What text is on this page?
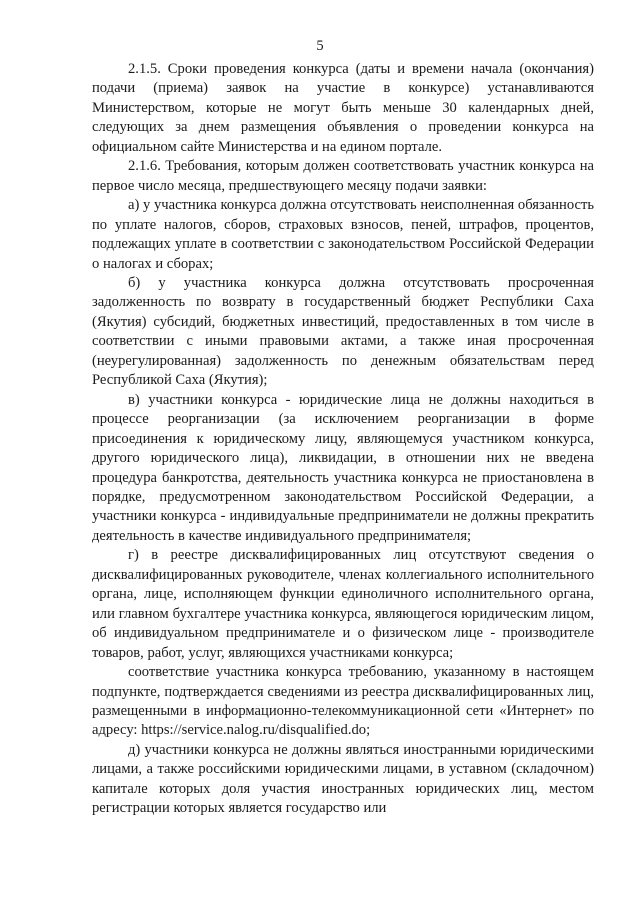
5

2.1.5. Сроки проведения конкурса (даты и времени начала (окончания) подачи (приема) заявок на участие в конкурсе) устанавливаются Министерством, которые не могут быть меньше 30 календарных дней, следующих за днем размещения объявления о проведении конкурса на официальном сайте Министерства и на едином портале.

2.1.6. Требования, которым должен соответствовать участник конкурса на первое число месяца, предшествующего месяцу подачи заявки:

а) у участника конкурса должна отсутствовать неисполненная обязанность по уплате налогов, сборов, страховых взносов, пеней, штрафов, процентов, подлежащих уплате в соответствии с законодательством Российской Федерации о налогах и сборах;

б) у участника конкурса должна отсутствовать просроченная задолженность по возврату в государственный бюджет Республики Саха (Якутия) субсидий, бюджетных инвестиций, предоставленных в том числе в соответствии с иными правовыми актами, а также иная просроченная (неурегулированная) задолженность по денежным обязательствам перед Республикой Саха (Якутия);

в) участники конкурса - юридические лица не должны находиться в процессе реорганизации (за исключением реорганизации в форме присоединения к юридическому лицу, являющемуся участником конкурса, другого юридического лица), ликвидации, в отношении них не введена процедура банкротства, деятельность участника конкурса не приостановлена в порядке, предусмотренном законодательством Российской Федерации, а участники конкурса - индивидуальные предприниматели не должны прекратить деятельность в качестве индивидуального предпринимателя;

г) в реестре дисквалифицированных лиц отсутствуют сведения о дисквалифицированных руководителе, членах коллегиального исполнительного органа, лице, исполняющем функции единоличного исполнительного органа, или главном бухгалтере участника конкурса, являющегося юридическим лицом, об индивидуальном предпринимателе и о физическом лице - производителе товаров, работ, услуг, являющихся участниками конкурса;

соответствие участника конкурса требованию, указанному в настоящем подпункте, подтверждается сведениями из реестра дисквалифицированных лиц, размещенными в информационно-телекоммуникационной сети «Интернет» по адресу: https://service.nalog.ru/disqualified.do;

д) участники конкурса не должны являться иностранными юридическими лицами, а также российскими юридическими лицами, в уставном (складочном) капитале которых доля участия иностранных юридических лиц, местом регистрации которых является государство или
